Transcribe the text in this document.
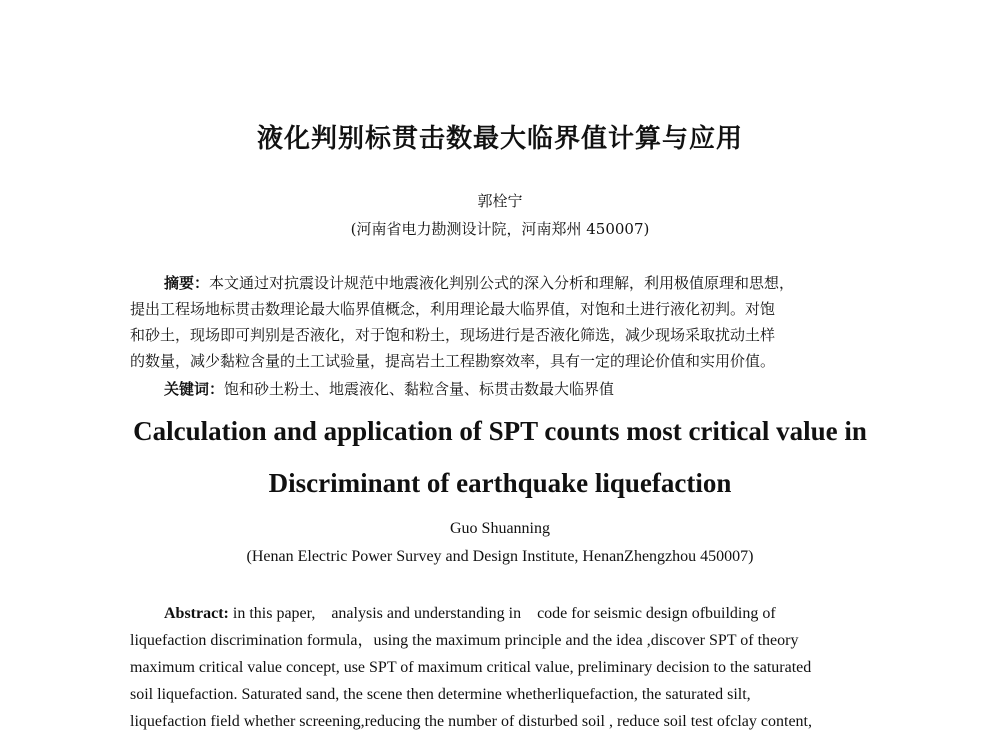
液化判别标贯击数最大临界值计算与应用
郭栓宁
(河南省电力勘测设计院，河南郑州 450007)
摘要：本文通过对抗震设计规范中地震液化判别公式的深入分析和理解，利用极值原理和思想，
提出工程场地标贯击数理论最大临界值概念，利用理论最大临界值，对饱和土进行液化初判。对饱
和砂土，现场即可判别是否液化，对于饱和粉土，现场进行是否液化筛选，减少现场采取扰动土样
的数量，减少黏粒含量的土工试验量，提高岩土工程勘察效率，具有一定的理论价值和实用价值。
关键词：饱和砂土粉土、地震液化、黏粒含量、标贯击数最大临界值
Calculation and application of SPT counts most critical value in
Discriminant of earthquake liquefaction
Guo Shuanning
(Henan Electric Power Survey and Design Institute, HenanZhengzhou 450007)
Abstract: in this paper,    analysis and understanding in    code for seismic design ofbuilding of
liquefaction discrimination formula，using the maximum principle and the idea ,discover SPT of theory
maximum critical value concept, use SPT of maximum critical value, preliminary decision to the saturated
soil liquefaction. Saturated sand, the scene then determine whetherliquefaction, the saturated silt,
liquefaction field whether screening,reducing the number of disturbed soil , reduce soil test ofclay content,
